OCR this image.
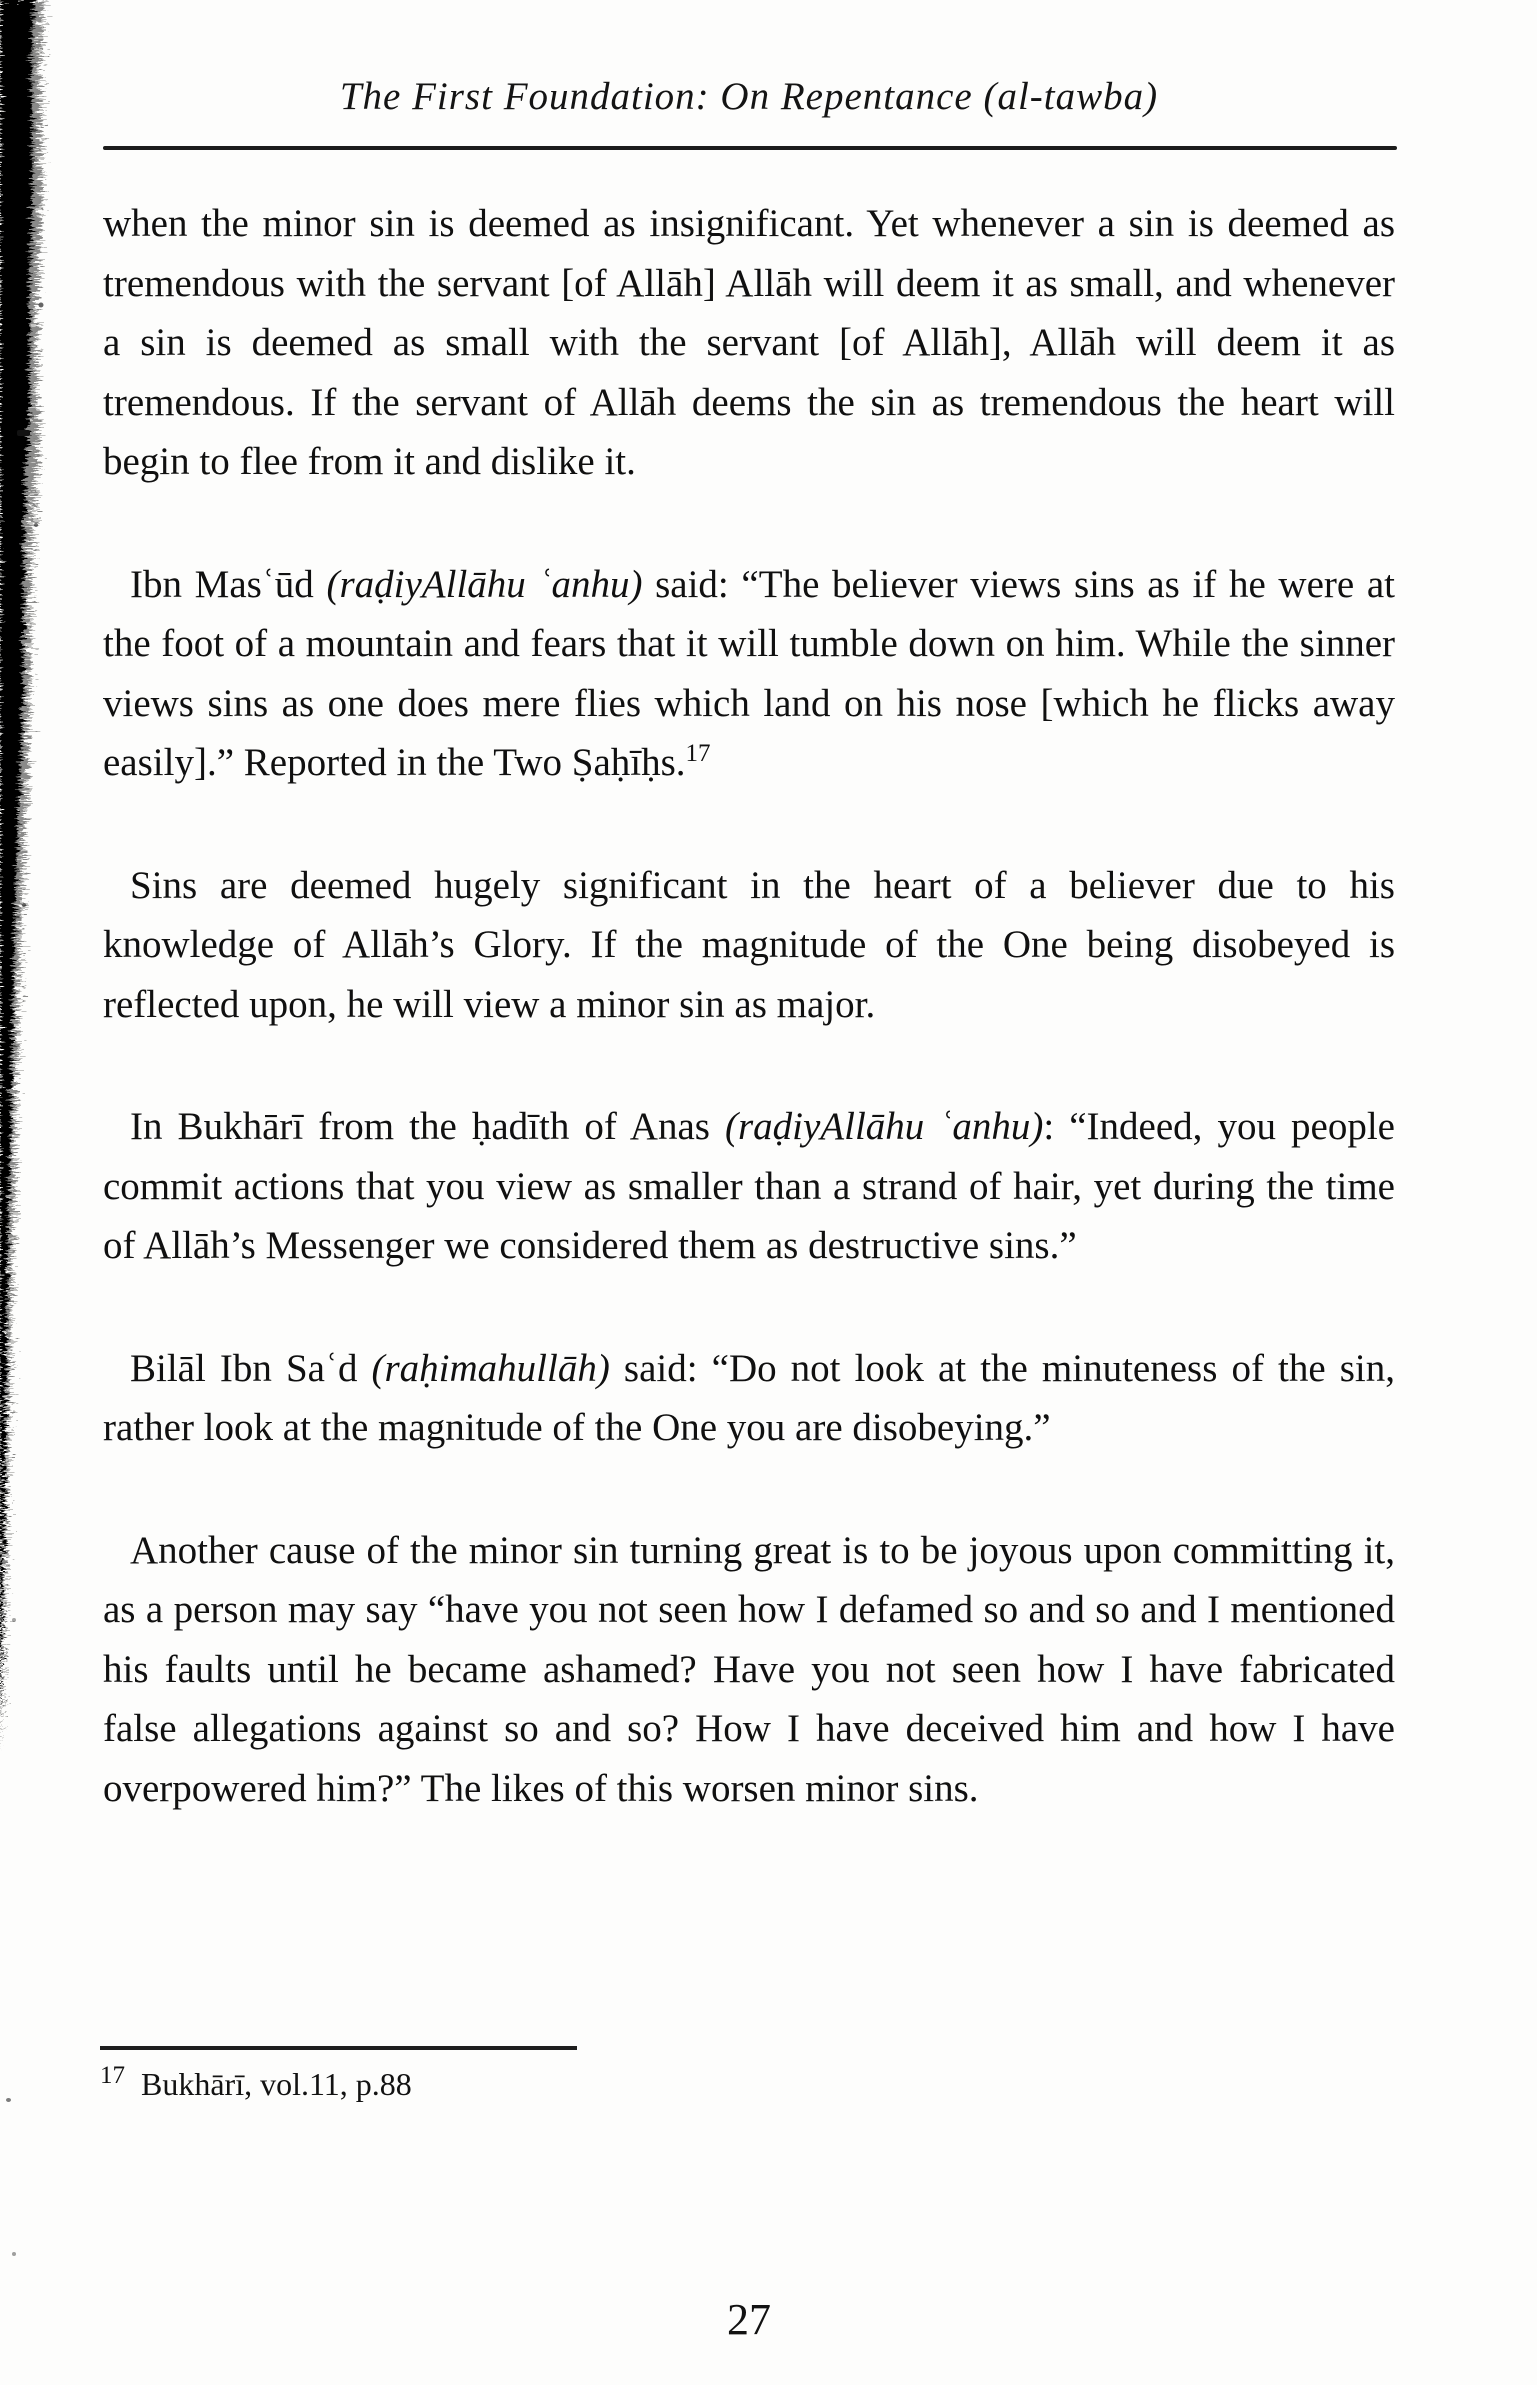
The First Foundation: On Repentance (al-tawba)

when the minor sin is deemed as insignificant. Yet whenever a sin is deemed as tremendous with the servant [of Allāh] Allāh will deem it as small, and whenever a sin is deemed as small with the servant [of Allāh], Allāh will deem it as tremendous. If the servant of Allāh deems the sin as tremendous the heart will begin to flee from it and dislike it.

Ibn Masʿūd (raḍiyAllāhu ʿanhu) said: “The believer views sins as if he were at the foot of a mountain and fears that it will tumble down on him. While the sinner views sins as one does mere flies which land on his nose [which he flicks away easily].” Reported in the Two Ṣaḥīḥs.$^{17}$

Sins are deemed hugely significant in the heart of a believer due to his knowledge of Allāh’s Glory. If the magnitude of the One being disobeyed is reflected upon, he will view a minor sin as major.

In Bukhārī from the ḥadīth of Anas (raḍiyAllāhu ʿanhu): “Indeed, you people commit actions that you view as smaller than a strand of hair, yet during the time of Allāh’s Messenger we considered them as destructive sins.”

Bilāl Ibn Saʿd (raḥimahullāh) said: “Do not look at the minuteness of the sin, rather look at the magnitude of the One you are disobeying.”

Another cause of the minor sin turning great is to be joyous upon committing it, as a person may say “have you not seen how I defamed so and so and I mentioned his faults until he became ashamed? Have you not seen how I have fabricated false allegations against so and so? How I have deceived him and how I have overpowered him?” The likes of this worsen minor sins.

$^{17}$ Bukhārī, vol.11, p.88
27
